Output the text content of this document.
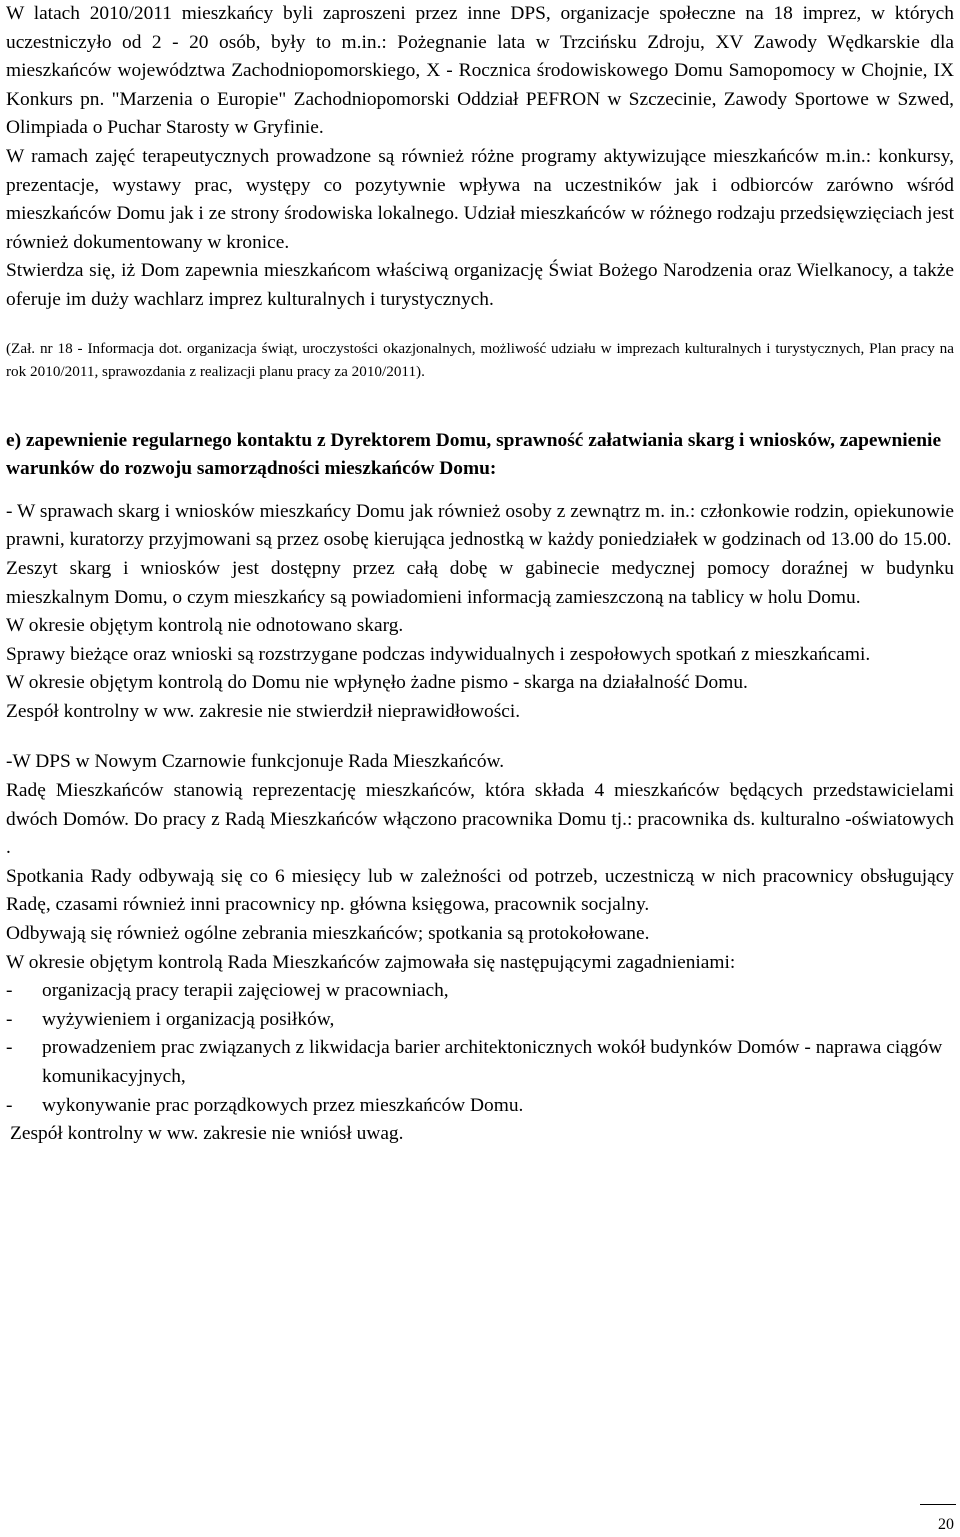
W latach 2010/2011 mieszkańcy byli zaproszeni przez inne DPS, organizacje społeczne na 18 imprez, w których uczestniczyło od 2 - 20 osób, były to m.in.: Pożegnanie lata w Trzcińsku Zdroju, XV Zawody Wędkarskie dla mieszkańców województwa Zachodniopomorskiego, X - Rocznica środowiskowego Domu Samopomocy w Chojnie, IX Konkurs pn. "Marzenia o Europie" Zachodniopomorski Oddział PEFRON w Szczecinie, Zawody Sportowe w Szwed, Olimpiada o Puchar Starosty w Gryfinie.

W ramach zajęć terapeutycznych prowadzone są również różne programy aktywizujące mieszkańców m.in.: konkursy, prezentacje, wystawy prac, występy co pozytywnie wpływa na uczestników jak i odbiorców zarówno wśród mieszkańców Domu jak i ze strony środowiska lokalnego. Udział mieszkańców w różnego rodzaju przedsięwzięciach jest również dokumentowany w kronice.

Stwierdza się, iż Dom zapewnia mieszkańcom właściwą organizację Świat Bożego Narodzenia oraz Wielkanocy, a także oferuje im duży wachlarz imprez kulturalnych i turystycznych.

(Zał. nr 18 - Informacja dot. organizacja świąt, uroczystości okazjonalnych, możliwość udziału w imprezach kulturalnych i turystycznych, Plan pracy na rok 2010/2011, sprawozdania z realizacji planu pracy za 2010/2011).

e) zapewnienie regularnego kontaktu z Dyrektorem Domu, sprawność załatwiania skarg i wniosków, zapewnienie warunków do rozwoju samorządności mieszkańców Domu:

- W sprawach skarg i wniosków mieszkańcy Domu jak również osoby z zewnątrz m. in.: członkowie rodzin, opiekunowie prawni, kuratorzy przyjmowani są przez osobę kierująca jednostką w każdy poniedziałek w godzinach od 13.00 do 15.00.

Zeszyt skarg i wniosków jest dostępny przez całą dobę w gabinecie medycznej pomocy doraźnej w budynku mieszkalnym Domu, o czym mieszkańcy są powiadomieni informacją zamieszczoną na tablicy w holu Domu.

W okresie objętym kontrolą nie odnotowano skarg.

Sprawy bieżące oraz wnioski są rozstrzygane podczas indywidualnych i zespołowych spotkań z mieszkańcami.

W okresie objętym kontrolą do Domu nie wpłynęło żadne pismo - skarga na działalność Domu.

Zespół kontrolny w ww. zakresie nie stwierdził nieprawidłowości.

-W DPS w Nowym Czarnowie funkcjonuje Rada Mieszkańców.

Radę Mieszkańców stanowią reprezentację mieszkańców, która składa 4 mieszkańców będących przedstawicielami dwóch Domów. Do pracy z Radą Mieszkańców włączono pracownika Domu tj.: pracownika ds. kulturalno -oświatowych .

Spotkania Rady odbywają się co 6 miesięcy lub w zależności od potrzeb, uczestniczą w nich pracownicy obsługujący Radę, czasami również inni pracownicy np. główna księgowa, pracownik socjalny.

Odbywają się również ogólne zebrania mieszkańców; spotkania są protokołowane.

W okresie objętym kontrolą Rada Mieszkańców zajmowała się następującymi zagadnieniami:

- organizacją pracy terapii zajęciowej w pracowniach,
- wyżywieniem i organizacją posiłków,
- prowadzeniem prac związanych z likwidacja barier architektonicznych wokół budynków Domów - naprawa ciągów komunikacyjnych,
- wykonywanie prac porządkowych przez mieszkańców Domu.

Zespół kontrolny w ww. zakresie nie wniósł uwag.

20
